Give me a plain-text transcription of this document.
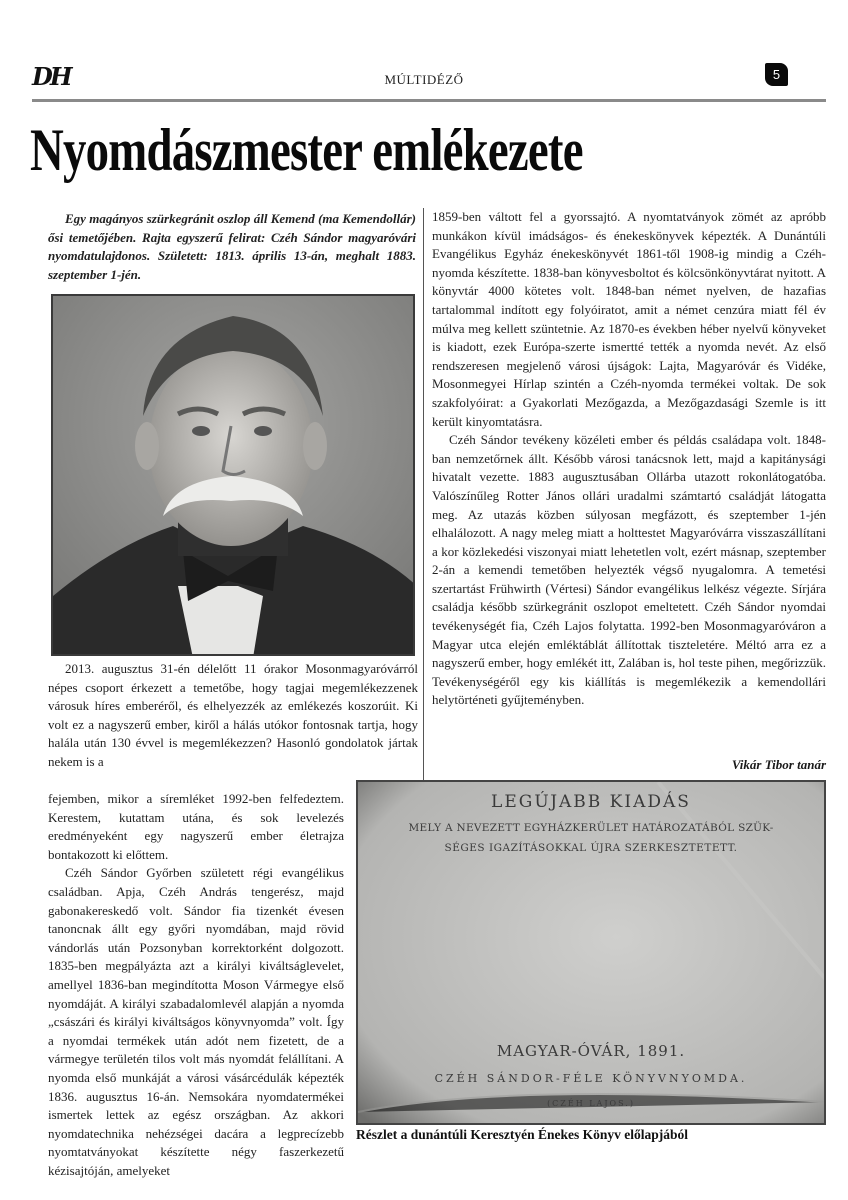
DH	MÚLTIDÉZŐ	5
Nyomdászmester emlékezete

Egy magányos szürkegránit oszlop áll Kemend (ma Kemendollár) ősi temetőjében. Rajta egyszerű felirat: Czéh Sándor magyaróvári nyomdatulajdonos. Született: 1813. április 13-án, meghalt 1883. szeptember 1-jén.

2013. augusztus 31-én délelőtt 11 órakor Mosonmagyaróvárról népes csoport érkezett a temetőbe, hogy tagjai megemlékezzenek városuk híres emberéről, és elhelyezzék az emlékezés koszorúit. Ki volt ez a nagyszerű ember, kiről a hálás utókor fontosnak tartja, hogy halála után 130 évvel is megemlékezzen? Hasonló gondolatok jártak nekem is a

fejemben, mikor a síremléket 1992-ben felfedeztem. Kerestem, kutattam utána, és sok levelezés eredményeként egy nagyszerű ember életrajza bontakozott ki előttem.

Czéh Sándor Győrben született régi evangélikus családban. Apja, Czéh András tengerész, majd gabonakereskedő volt. Sándor fia tizenkét évesen tanoncnak állt egy győri nyomdában, majd rövid vándorlás után Pozsonyban korrektorként dolgozott. 1835-ben megpályázta azt a királyi kiváltságlevelet, amellyel 1836-ban megindította Moson Vármegye első nyomdáját. A királyi szabadalomlevél alapján a nyomda „császári és királyi kiváltságos könyvnyomda” volt. Így a nyomdai termékek után adót nem fizetett, de a vármegye területén tilos volt más nyomdát felállítani. A nyomda első munkáját a városi vásárcédulák képezték 1836. augusztus 16-án. Nemsokára nyomdatermékei ismertek lettek az egész országban. Az akkori nyomdatechnika nehézségei dacára a legprecízebb nyomtatványokat készítette négy faszerkezetű kézisajtóján, amelyeket

1859-ben váltott fel a gyorssajtó. A nyomtatványok zömét az apróbb munkákon kívül imádságos- és énekeskönyvek képezték. A Dunántúli Evangélikus Egyház énekeskönyvét 1861-től 1908-ig mindig a Czéh-nyomda készítette. 1838-ban könyvesboltot és kölcsönkönyvtárat nyitott. A könyvtár 4000 kötetes volt. 1848-ban német nyelven, de hazafias tartalommal indított egy folyóiratot, amit a német cenzúra miatt fél év múlva meg kellett szüntetnie. Az 1870-es években héber nyelvű könyveket is kiadott, ezek Európa-szerte ismertté tették a nyomda nevét. Az első rendszeresen megjelenő városi újságok: Lajta, Magyaróvár és Vidéke, Mosonmegyei Hírlap szintén a Czéh-nyomda termékei voltak. De sok szakfolyóirat: a Gyakorlati Mezőgazda, a Mezőgazdasági Szemle is itt került kinyomtatásra.

Czéh Sándor tevékeny közéleti ember és példás családapa volt. 1848-ban nemzetőrnek állt. Később városi tanácsnok lett, majd a kapitánysági hivatalt vezette. 1883 augusztusában Ollárba utazott rokonlátogatóba. Valószínűleg Rotter János ollári uradalmi számtartó családját látogatta meg. Az utazás közben súlyosan megfázott, és szeptember 1-jén elhalálozott. A nagy meleg miatt a holttestet Magyaróvárra visszaszállítani a kor közlekedési viszonyai miatt lehetetlen volt, ezért másnap, szeptember 2-án a kemendi temetőben helyezték végső nyugalomra. A temetési szertartást Frühwirth (Vértesi) Sándor evangélikus lelkész végezte. Sírjára családja később szürkegránit oszlopot emeltetett. Czéh Sándor nyomdai tevékenységét fia, Czéh Lajos folytatta. 1992-ben Mosonmagyaróváron a Magyar utca elején emléktáblát állítottak tiszteletére. Méltó arra ez a nagyszerű ember, hogy emlékét itt, Zalában is, hol teste pihen, megőrizzük. Tevékenységéről egy kis kiállítás is megemlékezik a kemendollári helytörténeti gyűjteményben.

Vikár Tibor tanár
LEGÚJABB KIADÁS
MELY A NEVEZETT EGYHÁZKERÜLET HATÁROZATÁBÓL SZÜK-
SÉGES IGAZÍTÁSOKKAL ÚJRA SZERKESZTETETT.
MAGYAR-ÓVÁR, 1891.
CZÉH SÁNDOR-FÉLE KÖNYVNYOMDA.
(CZÉH LAJOS.)
Részlet a dunántúli Keresztyén Énekes Könyv előlapjából
